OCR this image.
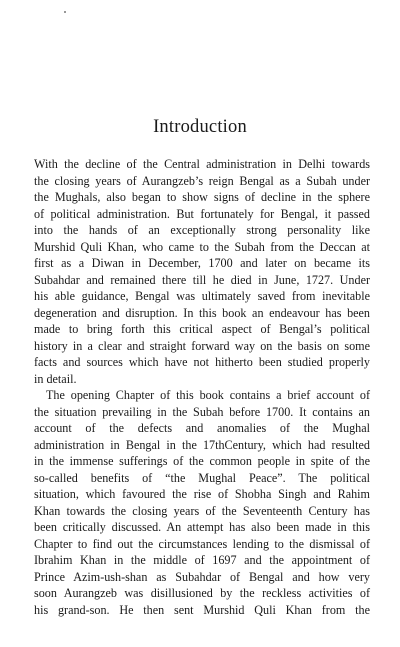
Introduction

With the decline of the Central administration in Delhi towards
the closing years of Aurangzeb’s reign Bengal as a Subah under
the Mughals, also began to show signs of decline in the sphere
of political administration. But fortunately for Bengal, it passed
into the hands of an exceptionally strong personality like
Murshid Quli Khan, who came to the Subah from the Deccan at
first as a Diwan in December, 1700 and later on became its
Subahdar and remained there till he died in June, 1727. Under
his able guidance, Bengal was ultimately saved from inevitable
degeneration and disruption. In this book an endeavour has been
made to bring forth this critical aspect of Bengal’s political
history in a clear and straight forward way on the basis on some
facts and sources which have not hitherto been studied properly
in detail.

The opening Chapter of this book contains a brief account of
the situation prevailing in the Subah before 1700. It contains an
account of the defects and anomalies of the Mughal
administration in Bengal in the 17thCentury, which had resulted
in the immense sufferings of the common people in spite of the
so-called benefits of “the Mughal Peace”. The political
situation, which favoured the rise of Shobha Singh and Rahim
Khan towards the closing years of the Seventeenth Century has
been critically discussed. An attempt has also been made in this
Chapter to find out the circumstances lending to the dismissal of
Ibrahim Khan in the middle of 1697 and the appointment of
Prince Azim-ush-shan as Subahdar of Bengal and how very
soon Aurangzeb was disillusioned by the reckless activities of
his grand-son. He then sent Murshid Quli Khan from the
